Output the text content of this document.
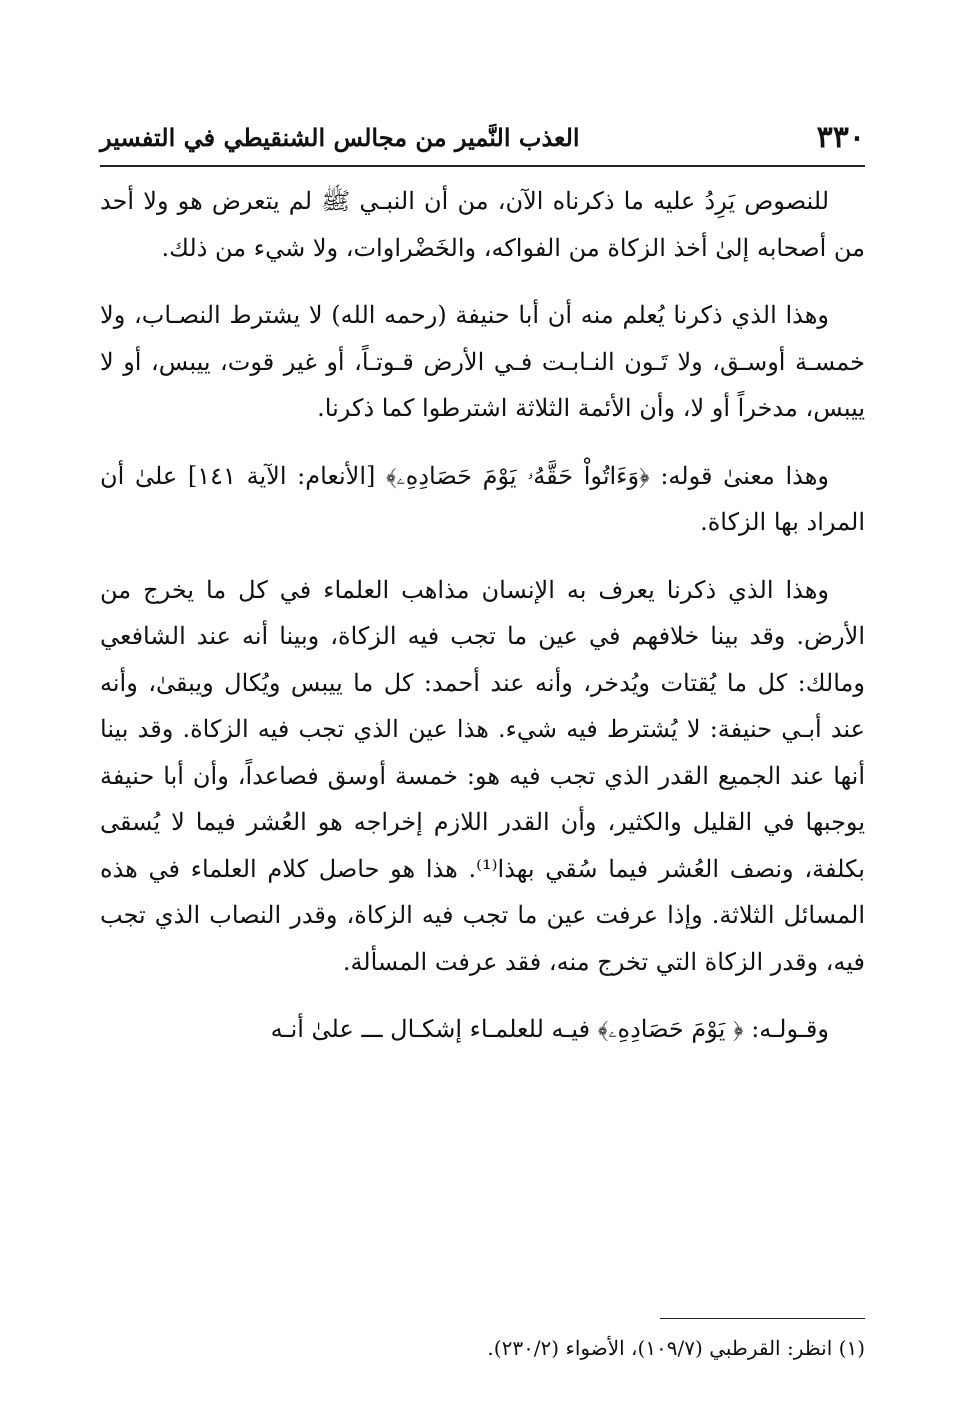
٣٣٠
العذب النَّمير من مجالس الشنقيطي في التفسير

للنصوص يَرِدُ عليه ما ذكرناه الآن، من أن النبـي ﷺ لم يتعرض هو ولا أحد من أصحابه إلىٰ أخذ الزكاة من الفواكه، والخَضْراوات، ولا شيء من ذلك.

وهذا الذي ذكرنا يُعلم منه أن أبا حنيفة (رحمه الله) لا يشترط النصـاب، ولا خمسـة أوسـق، ولا تَـون النـابـت فـي الأرض قـوتـاً، أو غير قوت، ييبس، أو لا ييبس، مدخراً أو لا، وأن الأئمة الثلاثة اشترطوا كما ذكرنا.

وهذا معنىٰ قوله: ﴿وَءَاتُواْ حَقَّهُۥ يَوْمَ حَصَادِهِۦ﴾ [الأنعام: الآية ١٤١] علىٰ أن المراد بها الزكاة.

وهذا الذي ذكرنا يعرف به الإنسان مذاهب العلماء في كل ما يخرج من الأرض. وقد بينا خلافهم في عين ما تجب فيه الزكاة، وبينا أنه عند الشافعي ومالك: كل ما يُقتات ويُدخر، وأنه عند أحمد: كل ما ييبس ويُكال ويبقىٰ، وأنه عند أبـي حنيفة: لا يُشترط فيه شيء. هذا عين الذي تجب فيه الزكاة. وقد بينا أنها عند الجميع القدر الذي تجب فيه هو: خمسة أوسق فصاعداً، وأن أبا حنيفة يوجبها في القليل والكثير، وأن القدر اللازم إخراجه هو العُشر فيما لا يُسقى بكلفة، ونصف العُشر فيما سُقي بهذا⁽¹⁾. هذا هو حاصل كلام العلماء في هذه المسائل الثلاثة. وإذا عرفت عين ما تجب فيه الزكاة، وقدر النصاب الذي تجب فيه، وقدر الزكاة التي تخرج منه، فقد عرفت المسألة.

وقـولـه: ﴿ يَوْمَ حَصَادِهِۦ﴾ فيـه للعلمـاء إشكـال ـــ علىٰ أنـه

(١) انظر: القرطبي (١٠٩/٧)، الأضواء (٢٣٠/٢).
